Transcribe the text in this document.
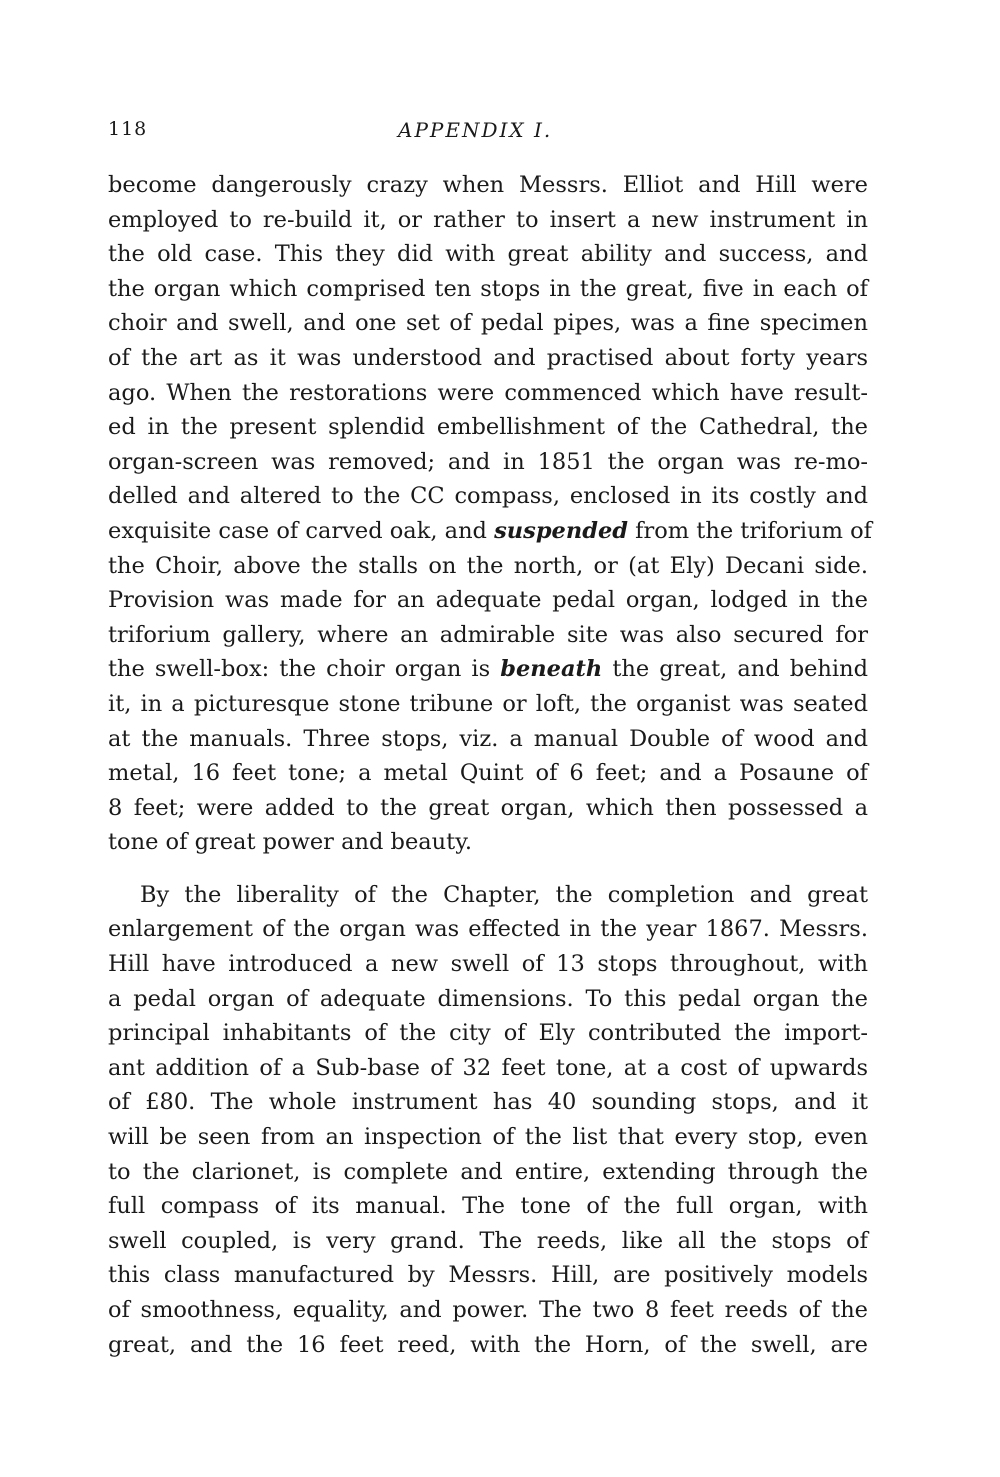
118	APPENDIX I.
become dangerously crazy when Messrs. Elliot and Hill were
employed to re-build it, or rather to insert a new instrument in
the old case. This they did with great ability and success, and
the organ which comprised ten stops in the great, five in each of
choir and swell, and one set of pedal pipes, was a fine specimen
of the art as it was understood and practised about forty years
ago. When the restorations were commenced which have result-
ed in the present splendid embellishment of the Cathedral, the
organ-screen was removed; and in 1851 the organ was re-mo-
delled and altered to the CC compass, enclosed in its costly and
exquisite case of carved oak, and suspended from the triforium of
the Choir, above the stalls on the north, or (at Ely) Decani side.
Provision was made for an adequate pedal organ, lodged in the
triforium gallery, where an admirable site was also secured for
the swell-box: the choir organ is beneath the great, and behind
it, in a picturesque stone tribune or loft, the organist was seated
at the manuals. Three stops, viz. a manual Double of wood and
metal, 16 feet tone; a metal Quint of 6 feet; and a Posaune of
8 feet; were added to the great organ, which then possessed a
tone of great power and beauty.
By the liberality of the Chapter, the completion and great
enlargement of the organ was effected in the year 1867. Messrs.
Hill have introduced a new swell of 13 stops throughout, with
a pedal organ of adequate dimensions. To this pedal organ the
principal inhabitants of the city of Ely contributed the import-
ant addition of a Sub-base of 32 feet tone, at a cost of upwards
of £80. The whole instrument has 40 sounding stops, and it
will be seen from an inspection of the list that every stop, even
to the clarionet, is complete and entire, extending through the
full compass of its manual. The tone of the full organ, with
swell coupled, is very grand. The reeds, like all the stops of
this class manufactured by Messrs. Hill, are positively models
of smoothness, equality, and power. The two 8 feet reeds of the
great, and the 16 feet reed, with the Horn, of the swell, are
